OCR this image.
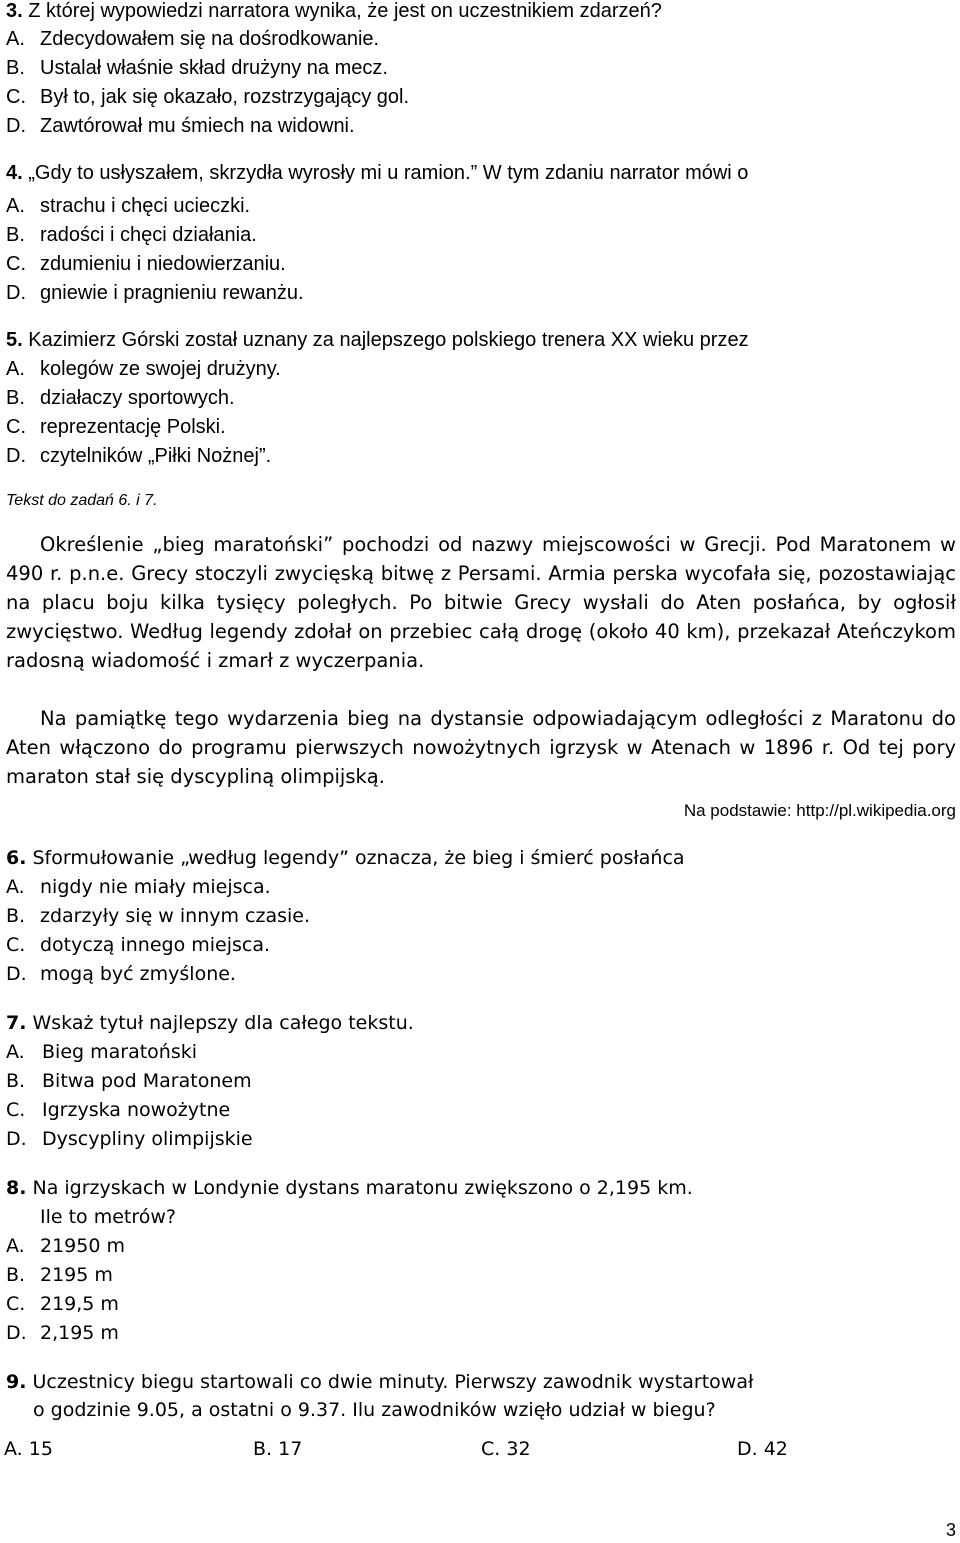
3. Z której wypowiedzi narratora wynika, że jest on uczestnikiem zdarzeń?
A. Zdecydowałem się na dośrodkowanie.
B. Ustalał właśnie skład drużyny na mecz.
C. Był to, jak się okazało, rozstrzygający gol.
D. Zawtórował mu śmiech na widowni.
4. „Gdy to usłyszałem, skrzydła wyrosły mi u ramion.” W tym zdaniu narrator mówi o
A. strachu i chęci ucieczki.
B. radości i chęci działania.
C. zdumieniu i niedowierzaniu.
D. gniewie i pragnieniu rewanżu.
5. Kazimierz Górski został uznany za najlepszego polskiego trenera XX wieku przez
A. kolegów ze swojej drużyny.
B. działaczy sportowych.
C. reprezentację Polski.
D. czytelników „Piłki Nożnej”.
Tekst do zadań 6. i 7.
Określenie „bieg maratoński” pochodzi od nazwy miejscowości w Grecji. Pod Maratonem w 490 r. p.n.e. Grecy stoczyli zwycięską bitwę z Persami. Armia perska wycofała się, pozostawiając na placu boju kilka tysięcy poległych. Po bitwie Grecy wysłali do Aten posłańca, by ogłosił zwycięstwo. Według legendy zdołał on przebiec całą drogę (około 40 km), przekazał Ateńczykom radosną wiadomość i zmarł z wyczerpania.
Na pamiątkę tego wydarzenia bieg na dystansie odpowiadającym odległości z Maratonu do Aten włączono do programu pierwszych nowożytnych igrzysk w Atenach w 1896 r. Od tej pory maraton stał się dyscypliną olimpijską.
Na podstawie: http://pl.wikipedia.org
6. Sformułowanie „według legendy” oznacza, że bieg i śmierć posłańca
A. nigdy nie miały miejsca.
B. zdarzyły się w innym czasie.
C. dotyczą innego miejsca.
D. mogą być zmyślone.
7. Wskaż tytuł najlepszy dla całego tekstu.
A. Bieg maratoński
B. Bitwa pod Maratonem
C. Igrzyska nowożytne
D. Dyscypliny olimpijskie
8. Na igrzyskach w Londynie dystans maratonu zwiększono o 2,195 km.
Ile to metrów?
A. 21950 m
B. 2195 m
C. 219,5 m
D. 2,195 m
9. Uczestnicy biegu startowali co dwie minuty. Pierwszy zawodnik wystartował
o godzinie 9.05, a ostatni o 9.37. Ilu zawodników wzięło udział w biegu?
A. 15	B. 17	C. 32	D. 42
3
